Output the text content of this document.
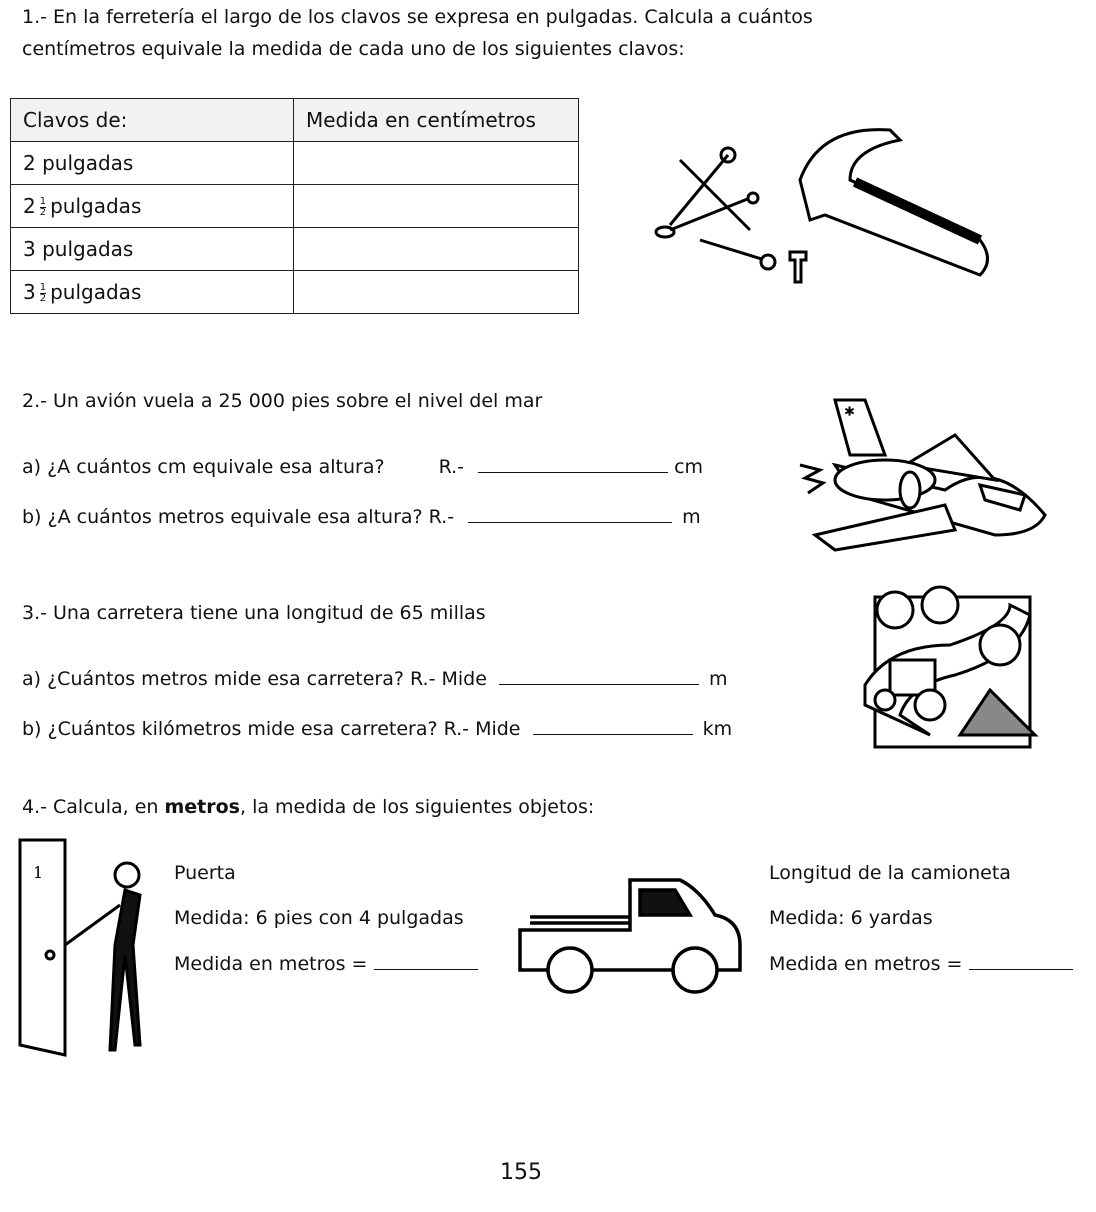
1.- En la ferretería el largo de los clavos se expresa en pulgadas. Calcula a cuántos
centímetros equivale la medida de cada uno de los siguientes clavos:
Clavos de:	Medida en centímetros
2 pulgadas	
$2 \frac{1}{2}$ pulgadas	
3 pulgadas	
$3 \frac{1}{2}$ pulgadas	
2.- Un avión vuela a 25 000 pies sobre el nivel del mar
a) ¿A cuántos cm equivale esa altura?	R.-	cm
b) ¿A cuántos metros equivale esa altura? R.-	m
*
3.- Una carretera tiene una longitud de 65 millas
a) ¿Cuántos metros mide esa carretera? R.- Mide	m
b) ¿Cuántos kilómetros mide esa carretera? R.- Mide	km
4.- Calcula, en metros, la medida de los siguientes objetos:
1	Puerta
Medida: 6 pies con 4 pulgadas
Medida en metros =
Longitud de la camioneta
Medida: 6 yardas
Medida en metros =
155
